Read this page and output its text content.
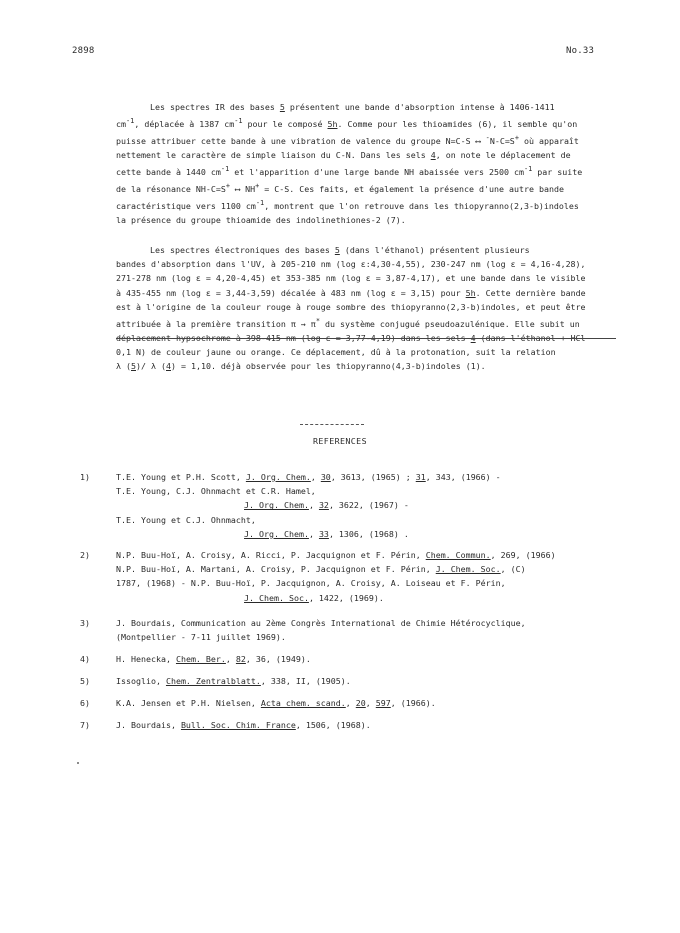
2898	No.33

Les spectres IR des bases 5 présentent une bande d'absorption intense à 1406-1411

$cm^{-1}$, déplacée à 1387 $cm^{-1}$ pour le composé 5h. Comme pour les thioamides (6), il semble qu'on
puisse attribuer cette bande à une vibration de valence du groupe N=C-S ⟷ -N-C=S+ où apparaît
nettement le caractère de simple liaison du C-N. Dans les sels 4, on note le déplacement de
cette bande à 1440 $cm^{-1}$ et l'apparition d'une large bande NH abaissée vers 2500 $cm^{-1}$ par suite
de la résonance NH-C=S+ ⟷ NH+ = C-S. Ces faits, et également la présence d'une autre bande
caractéristique vers 1100 $cm^{-1}$, montrent que l'on retrouve dans les thiopyranno(2,3-b)indoles
la présence du groupe thioamide des indolinethiones-2 (7).

Les spectres électroniques des bases 5 (dans l'éthanol) présentent plusieurs

bandes d'absorption dans l'UV, à 205-210 nm (log ε:4,30-4,55), 230-247 nm (log ε = 4,16-4,28),
271-278 nm (log ε = 4,20-4,45) et 353-385 nm (log ε = 3,87-4,17), et une bande dans le visible
à 435-455 nm (log ε = 3,44-3,59) décalée à 483 nm (log ε = 3,15) pour 5h. Cette dernière bande
est à l'origine de la couleur rouge à rouge sombre des thiopyranno(2,3-b)indoles, et peut être
attribuée à la première transition π → π* du système conjugué pseudoazulénique. Elle subit un
déplacement hypsochrome à 398-415 nm (log ε = 3,77-4,19) dans les sels 4 (dans l'éthanol + HCl
0,1 N) de couleur jaune ou orange. Ce déplacement, dû à la protonation, suit la relation
λ (5)/ λ (4) = 1,10. déjà observée pour les thiopyranno(4,3-b)indoles (1).
REFERENCES
1)	T.E. Young et P.H. Scott, J. Org. Chem., 30, 3613, (1965) ; 31, 343, (1966) -
T.E. Young, C.J. Ohnmacht et C.R. Hamel,
J. Org. Chem., 32, 3622, (1967) -
T.E. Young et C.J. Ohnmacht,
J. Org. Chem., 33, 1306, (1968) .
2)	N.P. Buu-Hoï, A. Croisy, A. Ricci, P. Jacquignon et F. Périn, Chem. Commun., 269, (1966)
N.P. Buu-Hoï, A. Martani, A. Croisy, P. Jacquignon et F. Périn, J. Chem. Soc., (C)
1787, (1968) - N.P. Buu-Hoï, P. Jacquignon, A. Croisy, A. Loiseau et F. Périn,
J. Chem. Soc., 1422, (1969).
3)	J. Bourdais, Communication au 2ème Congrès International de Chimie Hétérocyclique,
(Montpellier - 7-11 juillet 1969).
4)	H. Henecka, Chem. Ber., 82, 36, (1949).
5)	Issoglio, Chem. Zentralblatt., 338, II, (1905).
6)	K.A. Jensen et P.H. Nielsen, Acta chem. scand., 20, 597, (1966).
7)	J. Bourdais, Bull. Soc. Chim. France, 1506, (1968).
